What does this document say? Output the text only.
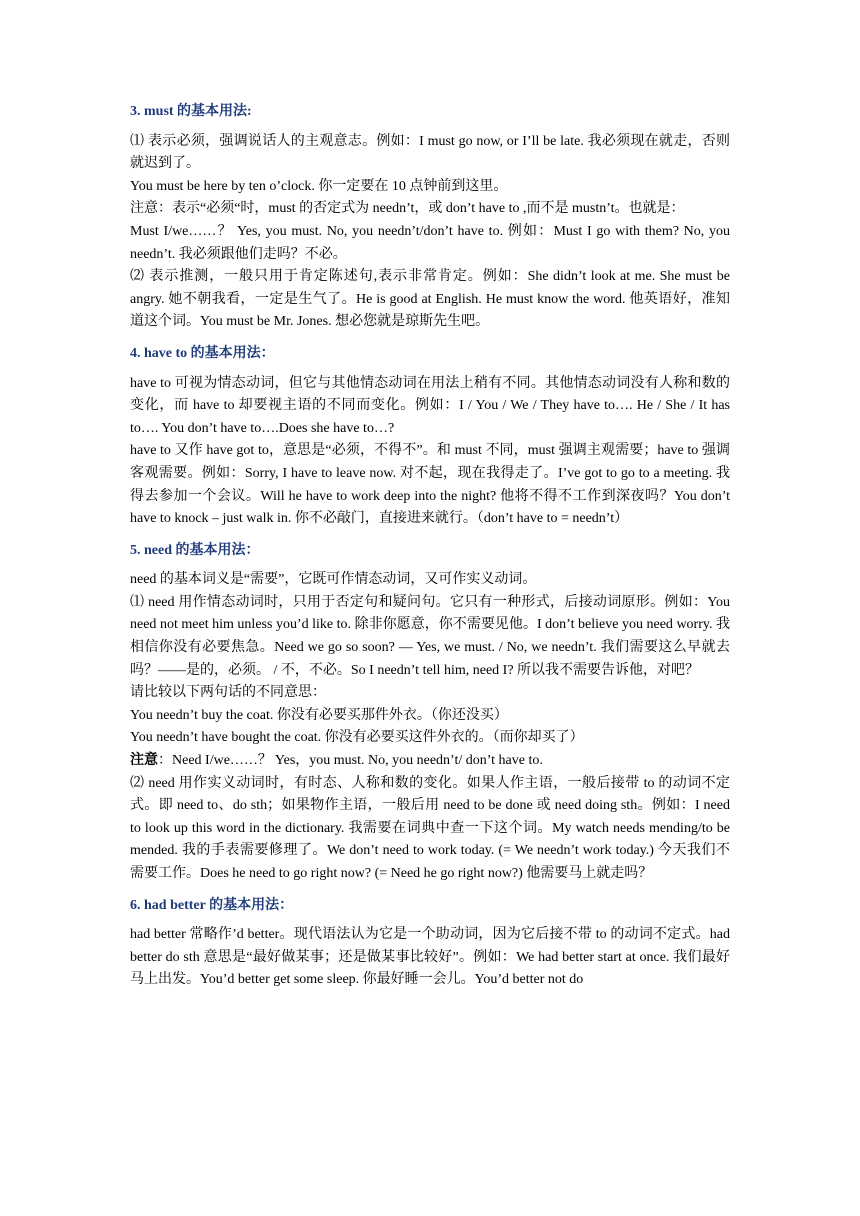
3. must 的基本用法:

⑴ 表示必须，强调说话人的主观意志。例如：I must go now, or I’ll be late. 我必须现在就走，否则就迟到了。

You must be here by ten o’clock. 你一定要在 10 点钟前到这里。

注意：表示“必须“时，must 的否定式为 needn’t，或 don’t have to ,而不是 mustn’t。也就是：

Must I/we……？ Yes, you must. No, you needn’t/don’t have to. 例如：Must I go with them? No, you needn’t. 我必须跟他们走吗？不必。

⑵ 表示推测，一般只用于肯定陈述句,表示非常肯定。例如：She didn’t look at me. She must be angry. 她不朝我看，一定是生气了。He is good at English. He must know the word. 他英语好，准知道这个词。You must be Mr. Jones. 想必您就是琼斯先生吧。

4. have to 的基本用法：

have to 可视为情态动词，但它与其他情态动词在用法上稍有不同。其他情态动词没有人称和数的变化，而 have to 却要视主语的不同而变化。例如：I / You / We / They have to…. He / She / It has to…. You don’t have to….Does she have to…?

have to 又作 have got to，意思是“必须，不得不”。和 must 不同，must 强调主观需要；have to 强调客观需要。例如：Sorry, I have to leave now. 对不起，现在我得走了。I’ve got to go to a meeting. 我得去参加一个会议。Will he have to work deep into the night? 他将不得不工作到深夜吗？You don’t have to knock – just walk in. 你不必敲门，直接进来就行。（don’t have to = needn’t）

5. need 的基本用法：

need 的基本词义是“需要”，它既可作情态动词，又可作实义动词。

⑴ need 用作情态动词时，只用于否定句和疑问句。它只有一种形式，后接动词原形。例如：You need not meet him unless you’d like to. 除非你愿意，你不需要见他。I don’t believe you need worry. 我相信你没有必要焦急。Need we go so soon? — Yes, we must. / No, we needn’t. 我们需要这么早就去吗？——是的，必须。 / 不，不必。So I needn’t tell him, need I? 所以我不需要告诉他，对吧？

请比较以下两句话的不同意思：

You needn’t buy the coat. 你没有必要买那件外衣。（你还没买）

You needn’t have bought the coat. 你没有必要买这件外衣的。（而你却买了）

注意：Need I/we……？ Yes，you must. No, you needn’t/ don’t have to.

⑵ need 用作实义动词时，有时态、人称和数的变化。如果人作主语，一般后接带 to 的动词不定式。即 need to、do sth；如果物作主语，一般后用 need to be done 或 need doing sth。例如：I need to look up this word in the dictionary. 我需要在词典中查一下这个词。My watch needs mending/to be mended. 我的手表需要修理了。We don’t need to work today. (= We needn’t work today.) 今天我们不需要工作。Does he need to go right now? (= Need he go right now?) 他需要马上就走吗？

6. had better 的基本用法：

had better 常略作’d better。现代语法认为它是一个助动词，因为它后接不带 to 的动词不定式。had better do sth 意思是“最好做某事；还是做某事比较好”。例如：We had better start at once. 我们最好马上出发。You’d better get some sleep. 你最好睡一会儿。You’d better not do
